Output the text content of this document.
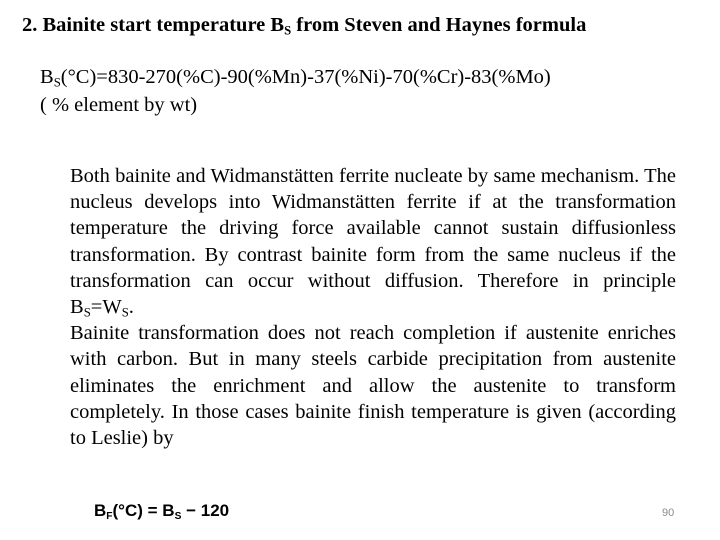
2. Bainite start temperature $B_S$ from Steven and Haynes formula
$B_S(^\circ C)=830-270(\%C)-90(\%Mn)-37(\%Ni)-70(\%Cr)-83(\%Mo)$
( % element by wt)

Both bainite and Widmanstätten ferrite nucleate by same mechanism. The nucleus develops into Widmanstätten ferrite if at the transformation temperature the driving force available cannot sustain diffusionless transformation. By contrast bainite form from the same nucleus if the transformation can occur without diffusion. Therefore in principle $B_S=W_S$.

Bainite transformation does not reach completion if austenite enriches with carbon. But in many steels carbide precipitation from austenite eliminates the enrichment and allow the austenite to transform completely. In those cases bainite finish temperature is given (according to Leslie) by

$B_F(^\circ C) = B_S - 120$	90
